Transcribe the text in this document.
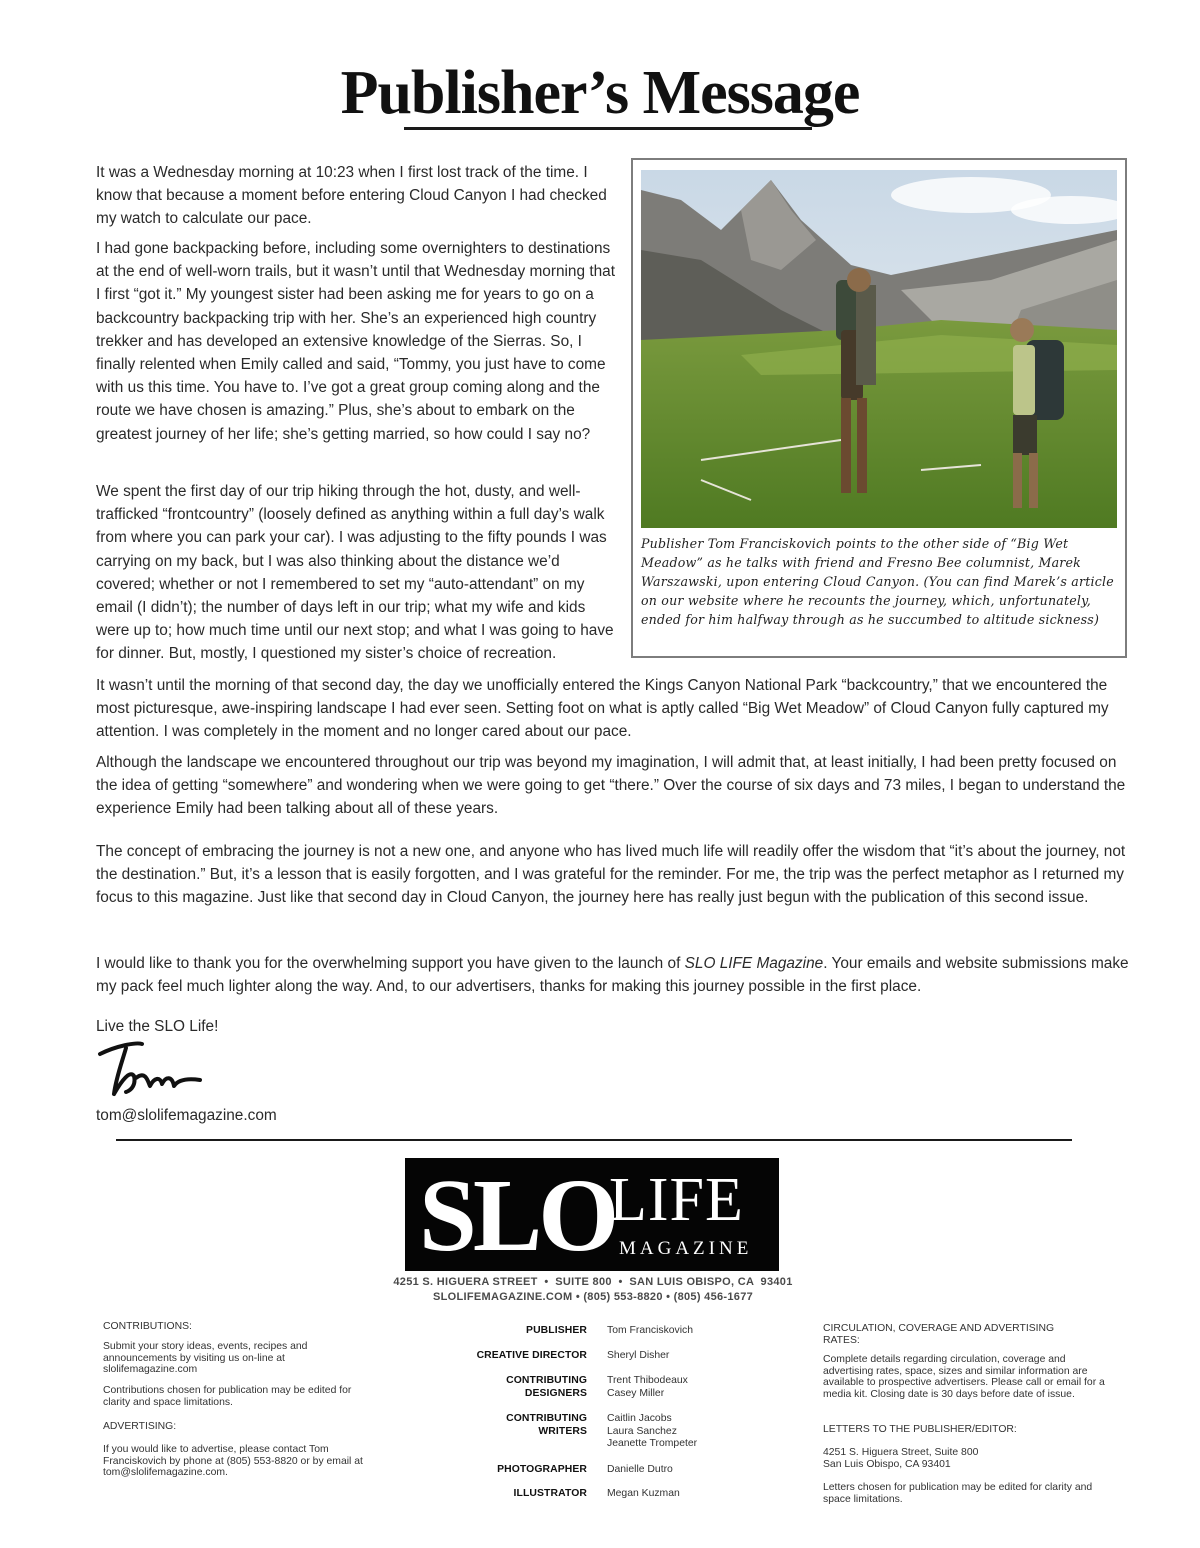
Publisher’s Message
It was a Wednesday morning at 10:23 when I first lost track of the time. I know that because a moment before entering Cloud Canyon I had checked my watch to calculate our pace.
I had gone backpacking before, including some overnighters to destinations at the end of well-worn trails, but it wasn’t until that Wednesday morning that I first “got it.” My youngest sister had been asking me for years to go on a backcountry backpacking trip with her. She’s an experienced high country trekker and has developed an extensive knowledge of the Sierras. So, I finally relented when Emily called and said, “Tommy, you just have to come with us this time. You have to. I’ve got a great group coming along and the route we have chosen is amazing.” Plus, she’s about to embark on the greatest journey of her life; she’s getting married, so how could I say no?
We spent the first day of our trip hiking through the hot, dusty, and well-trafficked “frontcountry” (loosely defined as anything within a full day’s walk from where you can park your car). I was adjusting to the fifty pounds I was carrying on my back, but I was also thinking about the distance we’d covered; whether or not I remembered to set my “auto-attendant” on my email (I didn’t); the number of days left in our trip; what my wife and kids were up to; how much time until our next stop; and what I was going to have for dinner. But, mostly, I questioned my sister’s choice of recreation.
Publisher Tom Franciskovich points to the other side of “Big Wet Meadow” as he talks with friend and Fresno Bee columnist, Marek Warszawski, upon entering Cloud Canyon. (You can find Marek’s article on our website where he recounts the journey, which, unfortunately, ended for him halfway through as he succumbed to altitude sickness)
It wasn’t until the morning of that second day, the day we unofficially entered the Kings Canyon National Park “backcountry,” that we encountered the most picturesque, awe-inspiring landscape I had ever seen. Setting foot on what is aptly called “Big Wet Meadow” of Cloud Canyon fully captured my attention. I was completely in the moment and no longer cared about our pace.
Although the landscape we encountered throughout our trip was beyond my imagination, I will admit that, at least initially, I had been pretty focused on the idea of getting “somewhere” and wondering when we were going to get “there.” Over the course of six days and 73 miles, I began to understand the experience Emily had been talking about all of these years.
The concept of embracing the journey is not a new one, and anyone who has lived much life will readily offer the wisdom that “it’s about the journey, not the destination.” But, it’s a lesson that is easily forgotten, and I was grateful for the reminder. For me, the trip was the perfect metaphor as I returned my focus to this magazine. Just like that second day in Cloud Canyon, the journey here has really just begun with the publication of this second issue.
I would like to thank you for the overwhelming support you have given to the launch of SLO LIFE Magazine. Your emails and website submissions make my pack feel much lighter along the way. And, to our advertisers, thanks for making this journey possible in the first place.
Live the SLO Life!
tom@slolifemagazine.com
SLO
LIFE
MAGAZINE
4251 S. HIGUERA STREET  •  SUITE 800  •  SAN LUIS OBISPO, CA  93401
SLOLIFEMAGAZINE.COM • (805) 553-8820 • (805) 456-1677
CONTRIBUTIONS:
Submit your story ideas, events, recipes and announcements by visiting us on-line at slolifemagazine.com
Contributions chosen for publication may be edited for clarity and space limitations.
ADVERTISING:
If you would like to advertise, please contact Tom Franciskovich by phone at (805) 553-8820 or by email at tom@slolifemagazine.com.
PUBLISHER Tom Franciskovich
CREATIVE DIRECTOR Sheryl Disher
CONTRIBUTING
DESIGNERS
Trent Thibodeaux
Casey Miller
CONTRIBUTING
WRITERS
Caitlin Jacobs
Laura Sanchez
Jeanette Trompeter
PHOTOGRAPHER Danielle Dutro
ILLUSTRATOR Megan Kuzman
CIRCULATION, COVERAGE AND ADVERTISING RATES:
Complete details regarding circulation, coverage and advertising rates, space, sizes and similar information are available to prospective advertisers. Please call or email for a media kit. Closing date is 30 days before date of issue.
LETTERS TO THE PUBLISHER/EDITOR:
4251 S. Higuera Street, Suite 800
San Luis Obispo, CA 93401
Letters chosen for publication may be edited for clarity and space limitations.
